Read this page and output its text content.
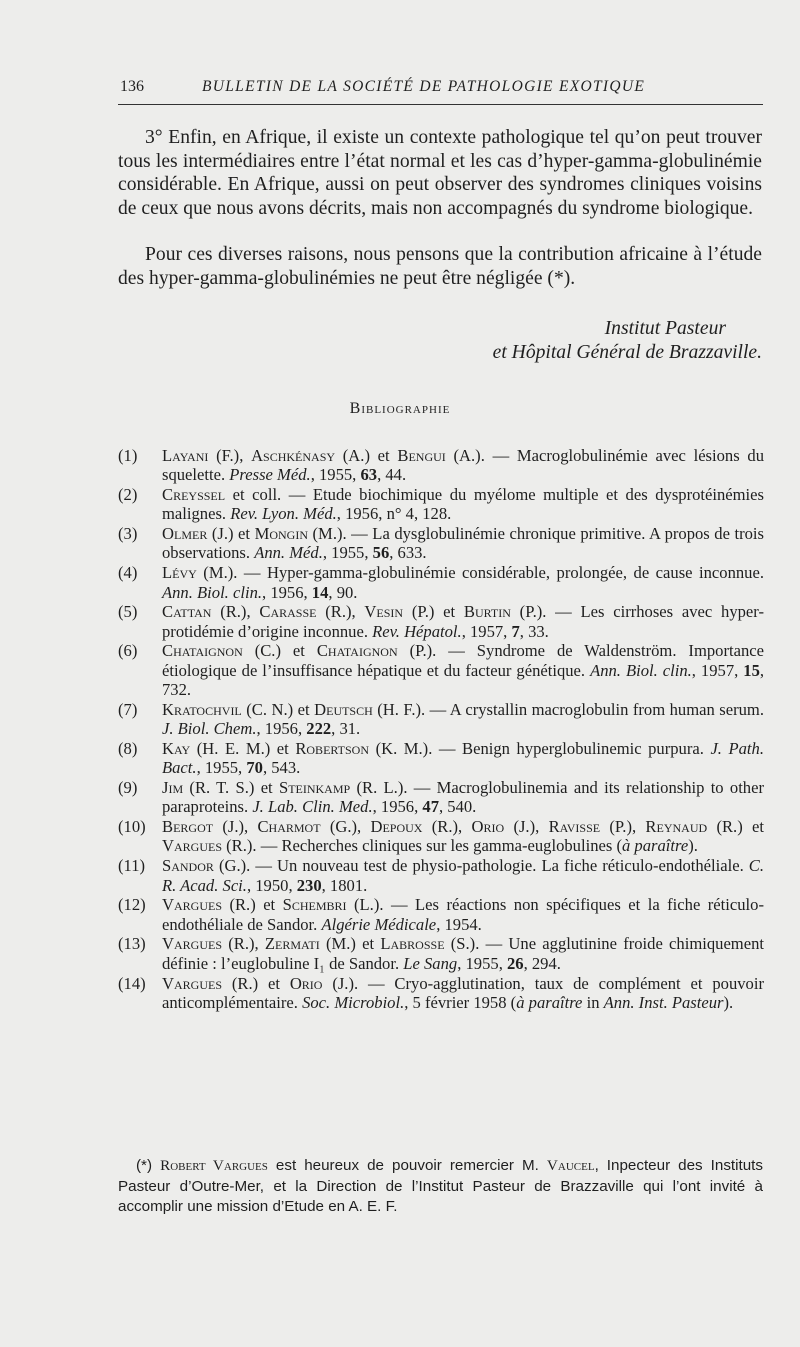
136	BULLETIN DE LA SOCIÉTÉ DE PATHOLOGIE EXOTIQUE
3° Enfin, en Afrique, il existe un contexte pathologique tel qu’on peut trouver tous les intermédiaires entre l’état normal et les cas d’hyper-gamma-globulinémie considérable. En Afrique, aussi on peut observer des syndromes cliniques voisins de ceux que nous avons décrits, mais non accompagnés du syndrome biologique.
Pour ces diverses raisons, nous pensons que la contribution africaine à l’étude des hyper-gamma-globulinémies ne peut être négligée (*).
Institut Pasteur
et Hôpital Général de Brazzaville.
Bibliographie
(1)	Layani (F.), Aschkénasy (A.) et Bengui (A.). — Macroglobulinémie avec lésions du squelette. Presse Méd., 1955, 63, 44.
(2)	Creyssel et coll. — Etude biochimique du myélome multiple et des dysprotéinémies malignes. Rev. Lyon. Méd., 1956, n° 4, 128.
(3)	Olmer (J.) et Mongin (M.). — La dysglobulinémie chronique primitive. A propos de trois observations. Ann. Méd., 1955, 56, 633.
(4)	Lévy (M.). — Hyper-gamma-globulinémie considérable, prolongée, de cause inconnue. Ann. Biol. clin., 1956, 14, 90.
(5)	Cattan (R.), Carasse (R.), Vesin (P.) et Burtin (P.). — Les cirrhoses avec hyper-protidémie d’origine inconnue. Rev. Hépatol., 1957, 7, 33.
(6)	Chataignon (C.) et Chataignon (P.). — Syndrome de Waldenström. Importance étiologique de l’insuffisance hépatique et du facteur génétique. Ann. Biol. clin., 1957, 15, 732.
(7)	Kratochvil (C. N.) et Deutsch (H. F.). — A crystallin macroglobulin from human serum. J. Biol. Chem., 1956, 222, 31.
(8)	Kay (H. E. M.) et Robertson (K. M.). — Benign hyperglobulinemic purpura. J. Path. Bact., 1955, 70, 543.
(9)	Jim (R. T. S.) et Steinkamp (R. L.). — Macroglobulinemia and its relationship to other paraproteins. J. Lab. Clin. Med., 1956, 47, 540.
(10) Bergot (J.), Charmot (G.), Depoux (R.), Orio (J.), Ravisse (P.), Reynaud (R.) et Vargues (R.). — Recherches cliniques sur les gamma-euglobulines (à paraître).
(11)	Sandor (G.). — Un nouveau test de physio-pathologie. La fiche réticulo-endothéliale. C. R. Acad. Sci., 1950, 230, 1801.
(12) Vargues (R.) et Schembri (L.). — Les réactions non spécifiques et la fiche réticulo-endothéliale de Sandor. Algérie Médicale, 1954.
(13) Vargues (R.), Zermati (M.) et Labrosse (S.). — Une agglutinine froide chimiquement définie : l’euglobuline I₁ de Sandor. Le Sang, 1955, 26, 294.
(14) Vargues (R.) et Orio (J.). — Cryo-agglutination, taux de complément et pouvoir anticomplémentaire. Soc. Microbiol., 5 février 1958 (à paraître in Ann. Inst. Pasteur).
(*) Robert Vargues est heureux de pouvoir remercier M. Vaucel, Inpecteur des Instituts Pasteur d’Outre-Mer, et la Direction de l’Institut Pasteur de Brazzaville qui l’ont invité à accomplir une mission d’Etude en A. E. F.
